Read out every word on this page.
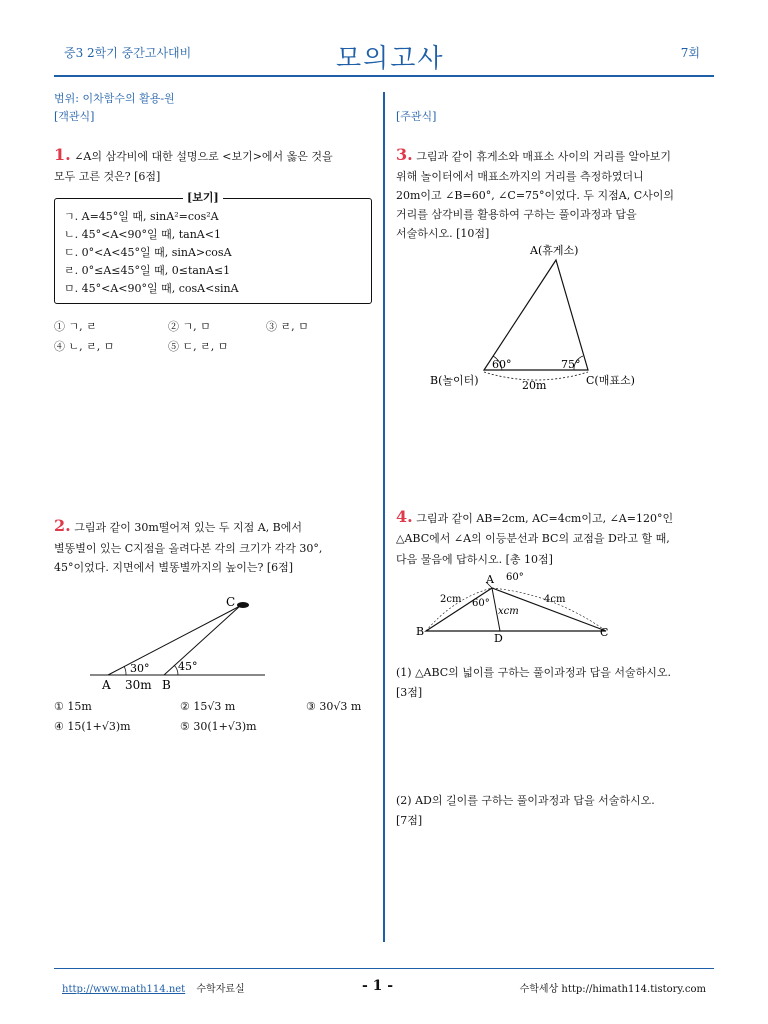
중3 2학기 중간고사대비	모의고사	7회
범위: 이차함수의 활용-원
[객관식]
1. ∠A의 삼각비에 대한 설명으로 <보기>에서 옳은 것을
모두 고른 것은? [6점]
[보기]
ㄱ. A=45°일 때, sinA²=cos²A
ㄴ. 45°<A<90°일 때, tanA<1
ㄷ. 0°<A<45°일 때, sinA>cosA
ㄹ. 0°≤A≤45°일 때, 0≤tanA≤1
ㅁ. 45°<A<90°일 때, cosA<sinA
① ㄱ, ㄹ	② ㄱ, ㅁ	③ ㄹ, ㅁ
④ ㄴ, ㄹ, ㅁ	⑤ ㄷ, ㄹ, ㅁ
2. 그림과 같이 30m떨어져 있는 두 지점 A, B에서
별똥별이 있는 C지점을 올려다본 각의 크기가 각각 30°,
45°이었다. 지면에서 별똥별까지의 높이는? [6점]
C
A	B
30°	45°
30m
① 15m	② 15√3 m	③ 30√3 m
④ 15(1+√3)m	⑤ 30(1+√3)m
[주관식]
3. 그림과 같이 휴게소와 매표소 사이의 거리를 알아보기
위해 놀이터에서 매표소까지의 거리를 측정하였더니
20m이고 ∠B=60°, ∠C=75°이었다. 두 지점A, C사이의
거리를 삼각비를 활용하여 구하는 풀이과정과 답을
서술하시오. [10점]
A(휴게소)
B(놀이터)	C(매표소)
60°	75°
20m
4. 그림과 같이 AB=2cm, AC=4cm이고, ∠A=120°인
△ABC에서 ∠A의 이등분선과 BC의 교점을 D라고 할 때,
다음 물음에 답하시오. [총 10점]
A
B	C
D
2cm	4cm
xcm
60°
60°
(1) △ABC의 넓이를 구하는 풀이과정과 답을 서술하시오.
[3점]
(2) AD의 길이를 구하는 풀이과정과 답을 서술하시오.
[7점]
http://www.math114.net 수학자료실	- 1 -	수학세상 http://himath114.tistory.com
